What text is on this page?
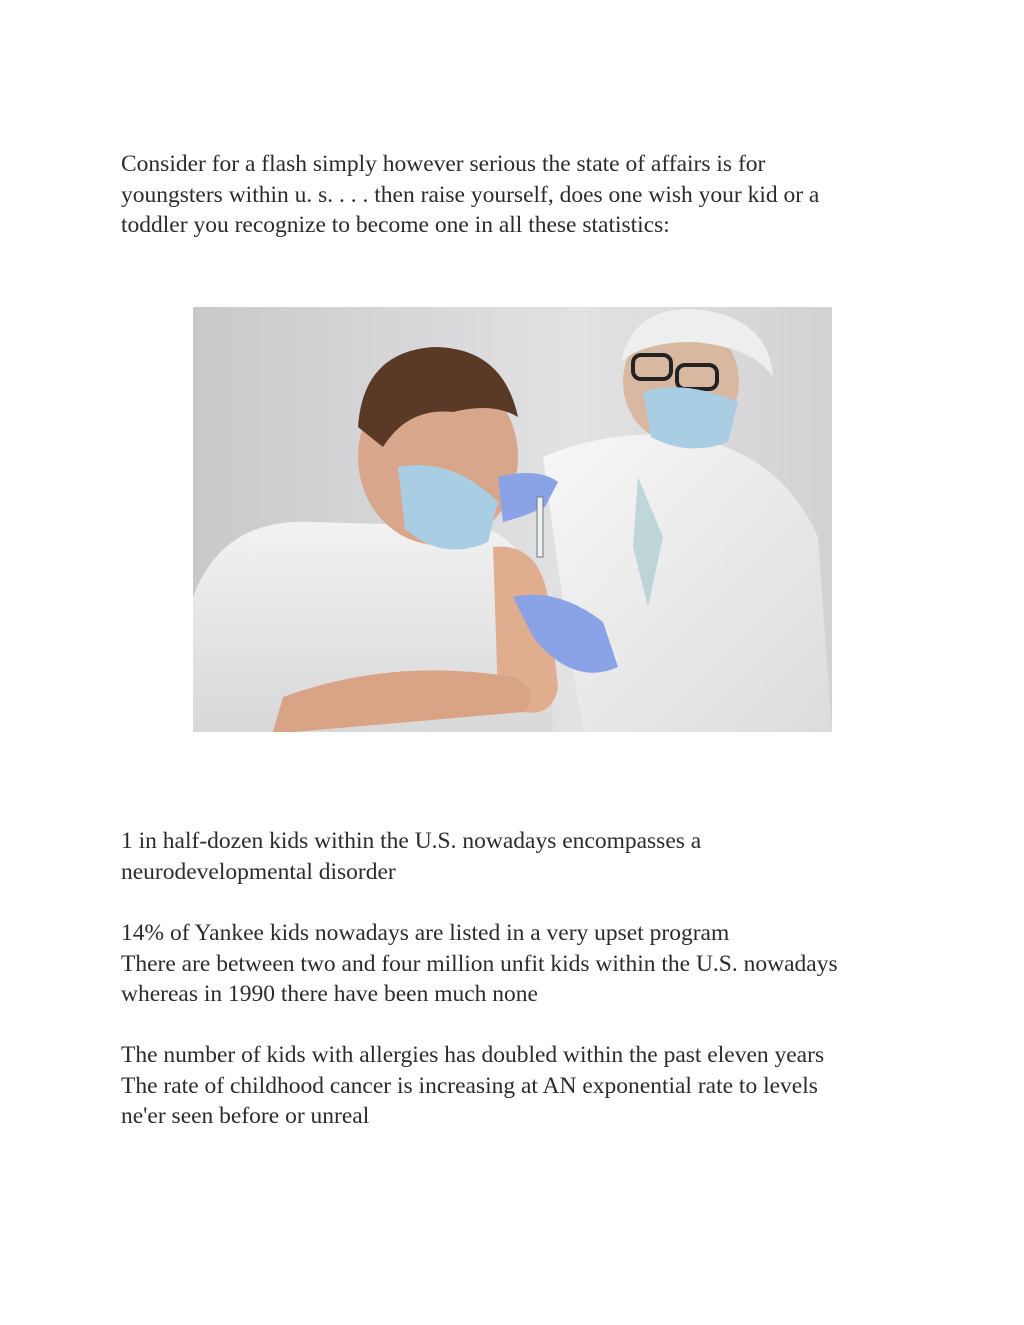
Consider for a flash simply however serious the state of affairs is for
youngsters within u. s. . . . then raise yourself, does one wish your kid or a
toddler you recognize to become one in all these statistics:

1 in half-dozen kids within the U.S. nowadays encompasses a
neurodevelopmental disorder

14% of Yankee kids nowadays are listed in a very upset program
There are between two and four million unfit kids within the U.S. nowadays
whereas in 1990 there have been much none

The number of kids with allergies has doubled within the past eleven years
The rate of childhood cancer is increasing at AN exponential rate to levels
ne'er seen before or unreal
